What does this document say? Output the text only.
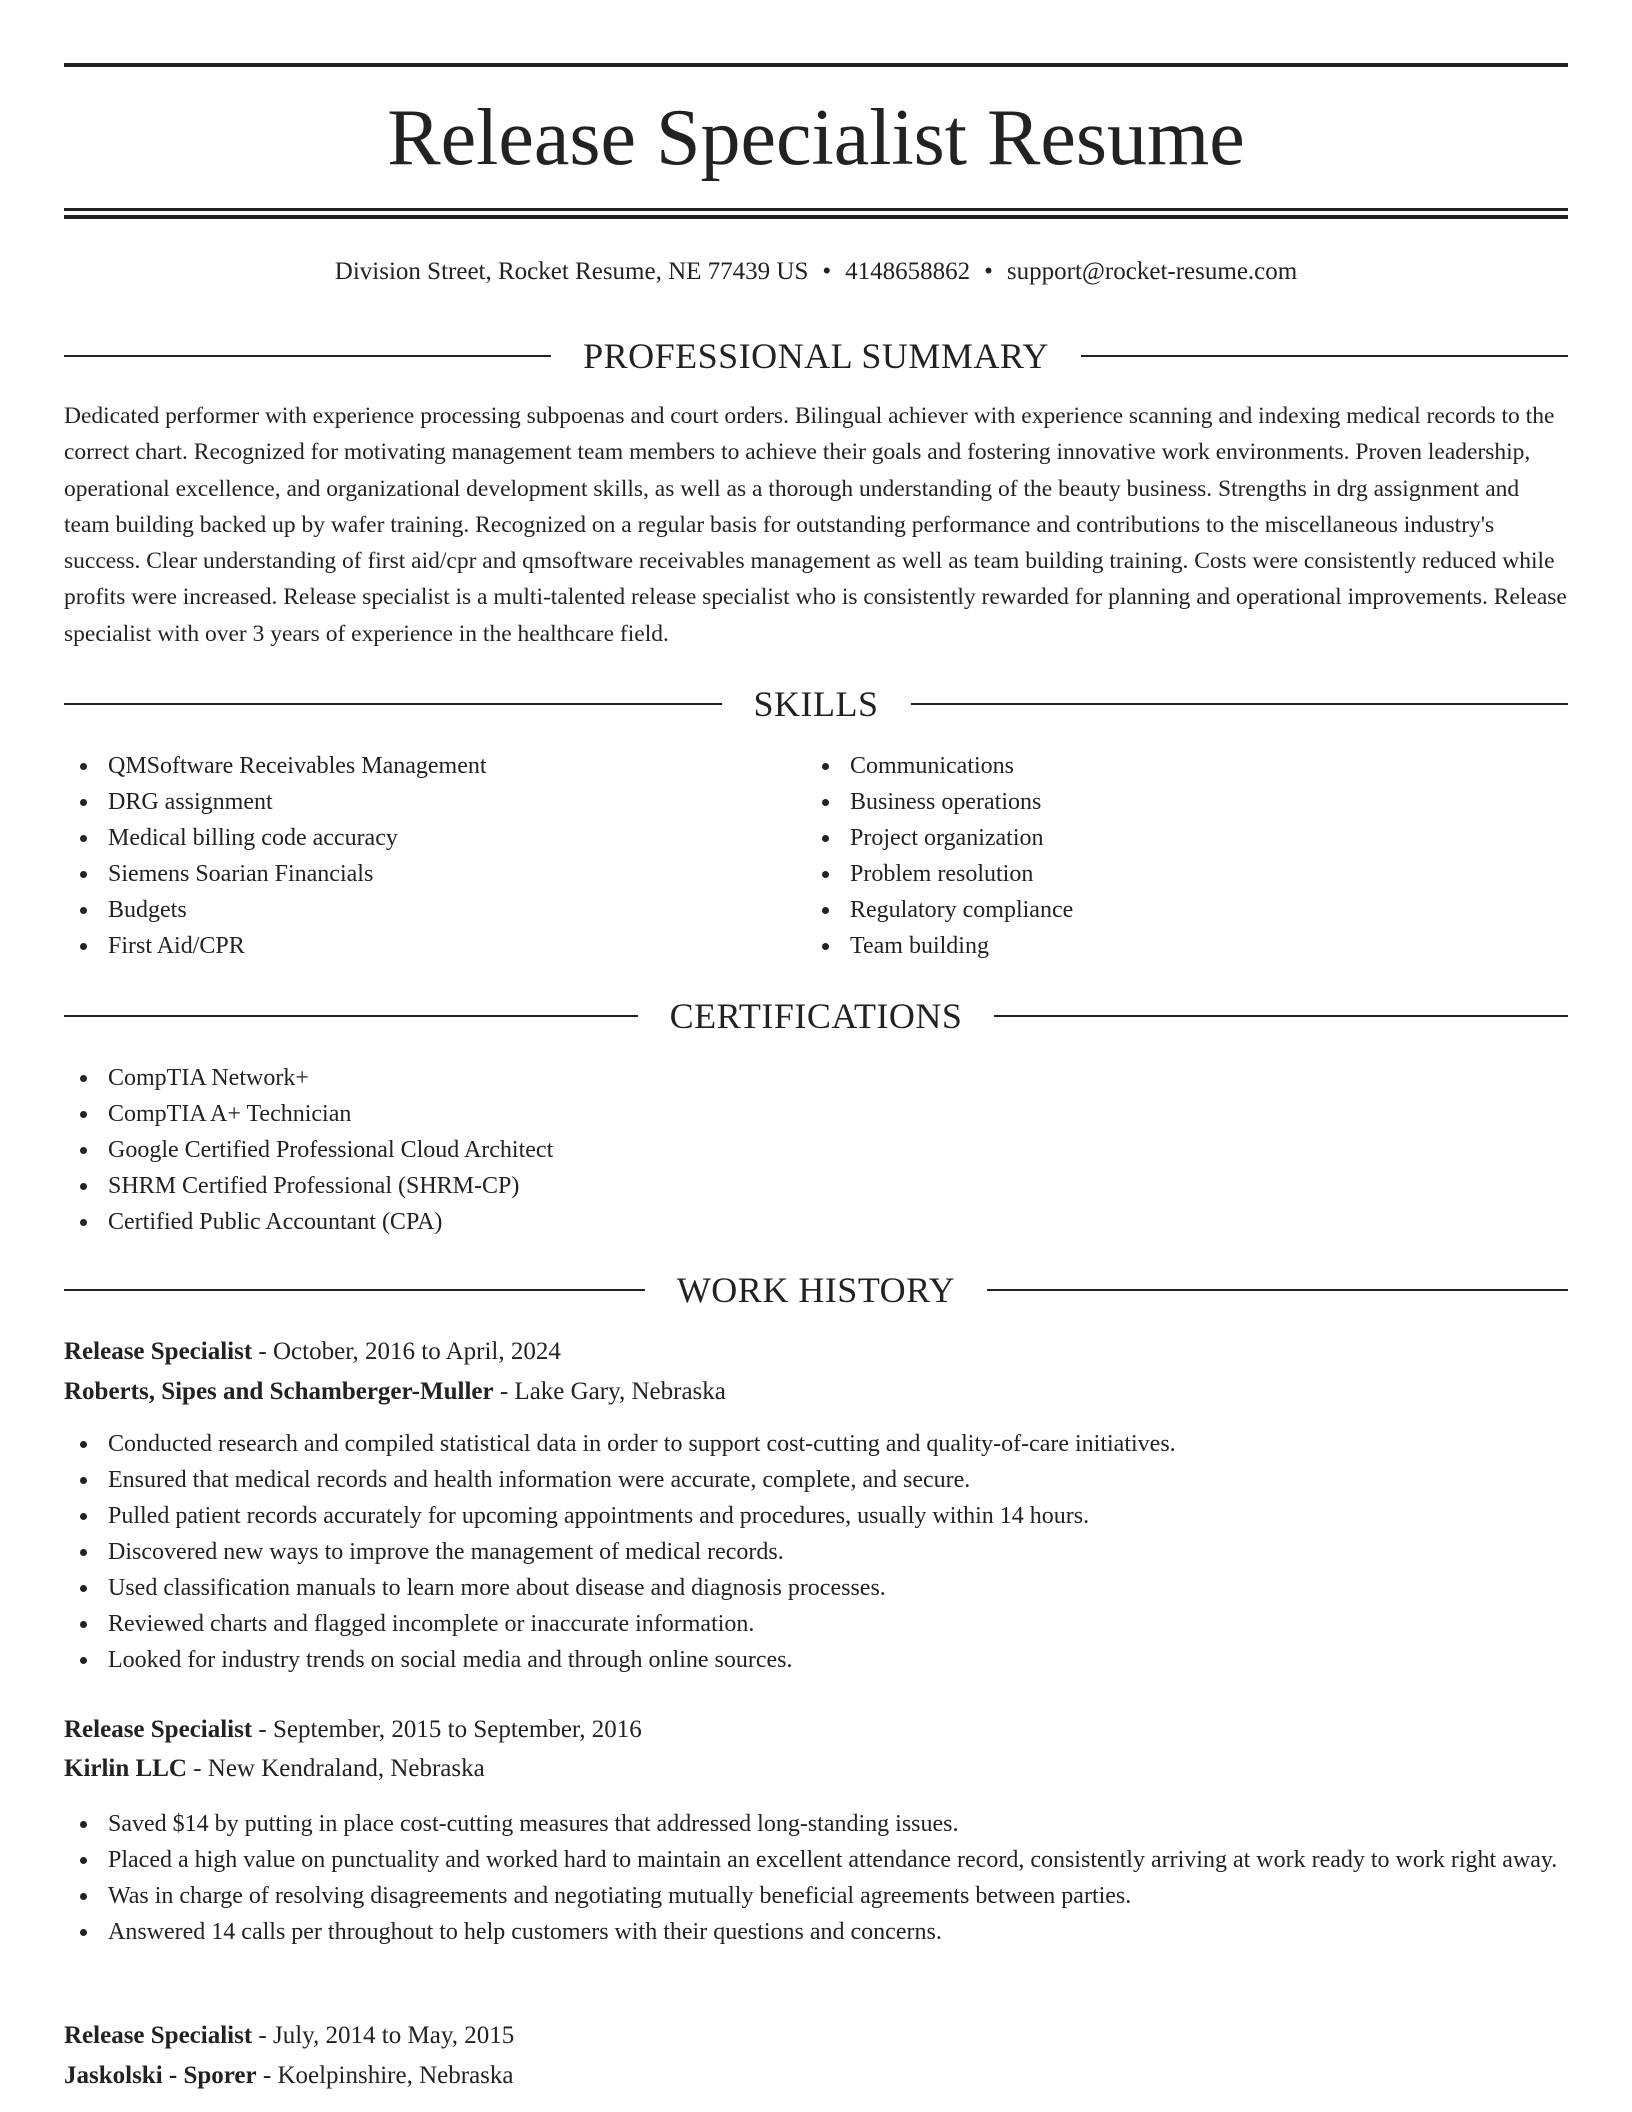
Release Specialist Resume
Division Street, Rocket Resume, NE 77439 US • 4148658862 • support@rocket-resume.com
PROFESSIONAL SUMMARY

Dedicated performer with experience processing subpoenas and court orders. Bilingual achiever with experience scanning and indexing medical records to the correct chart. Recognized for motivating management team members to achieve their goals and fostering innovative work environments. Proven leadership, operational excellence, and organizational development skills, as well as a thorough understanding of the beauty business. Strengths in drg assignment and team building backed up by wafer training. Recognized on a regular basis for outstanding performance and contributions to the miscellaneous industry's success. Clear understanding of first aid/cpr and qmsoftware receivables management as well as team building training. Costs were consistently reduced while profits were increased. Release specialist is a multi-talented release specialist who is consistently rewarded for planning and operational improvements. Release specialist with over 3 years of experience in the healthcare field.

SKILLS
QMSoftware Receivables Management
DRG assignment
Medical billing code accuracy
Siemens Soarian Financials
Budgets
First Aid/CPR
Communications
Business operations
Project organization
Problem resolution
Regulatory compliance
Team building
CERTIFICATIONS
CompTIA Network+
CompTIA A+ Technician
Google Certified Professional Cloud Architect
SHRM Certified Professional (SHRM-CP)
Certified Public Accountant (CPA)
WORK HISTORY
Release Specialist - October, 2016 to April, 2024
Roberts, Sipes and Schamberger-Muller - Lake Gary, Nebraska
Conducted research and compiled statistical data in order to support cost-cutting and quality-of-care initiatives.
Ensured that medical records and health information were accurate, complete, and secure.
Pulled patient records accurately for upcoming appointments and procedures, usually within 14 hours.
Discovered new ways to improve the management of medical records.
Used classification manuals to learn more about disease and diagnosis processes.
Reviewed charts and flagged incomplete or inaccurate information.
Looked for industry trends on social media and through online sources.
Release Specialist - September, 2015 to September, 2016
Kirlin LLC - New Kendraland, Nebraska
Saved $14 by putting in place cost-cutting measures that addressed long-standing issues.
Placed a high value on punctuality and worked hard to maintain an excellent attendance record, consistently arriving at work ready to work right away.
Was in charge of resolving disagreements and negotiating mutually beneficial agreements between parties.
Answered 14 calls per throughout to help customers with their questions and concerns.
Release Specialist - July, 2014 to May, 2015
Jaskolski - Sporer - Koelpinshire, Nebraska
